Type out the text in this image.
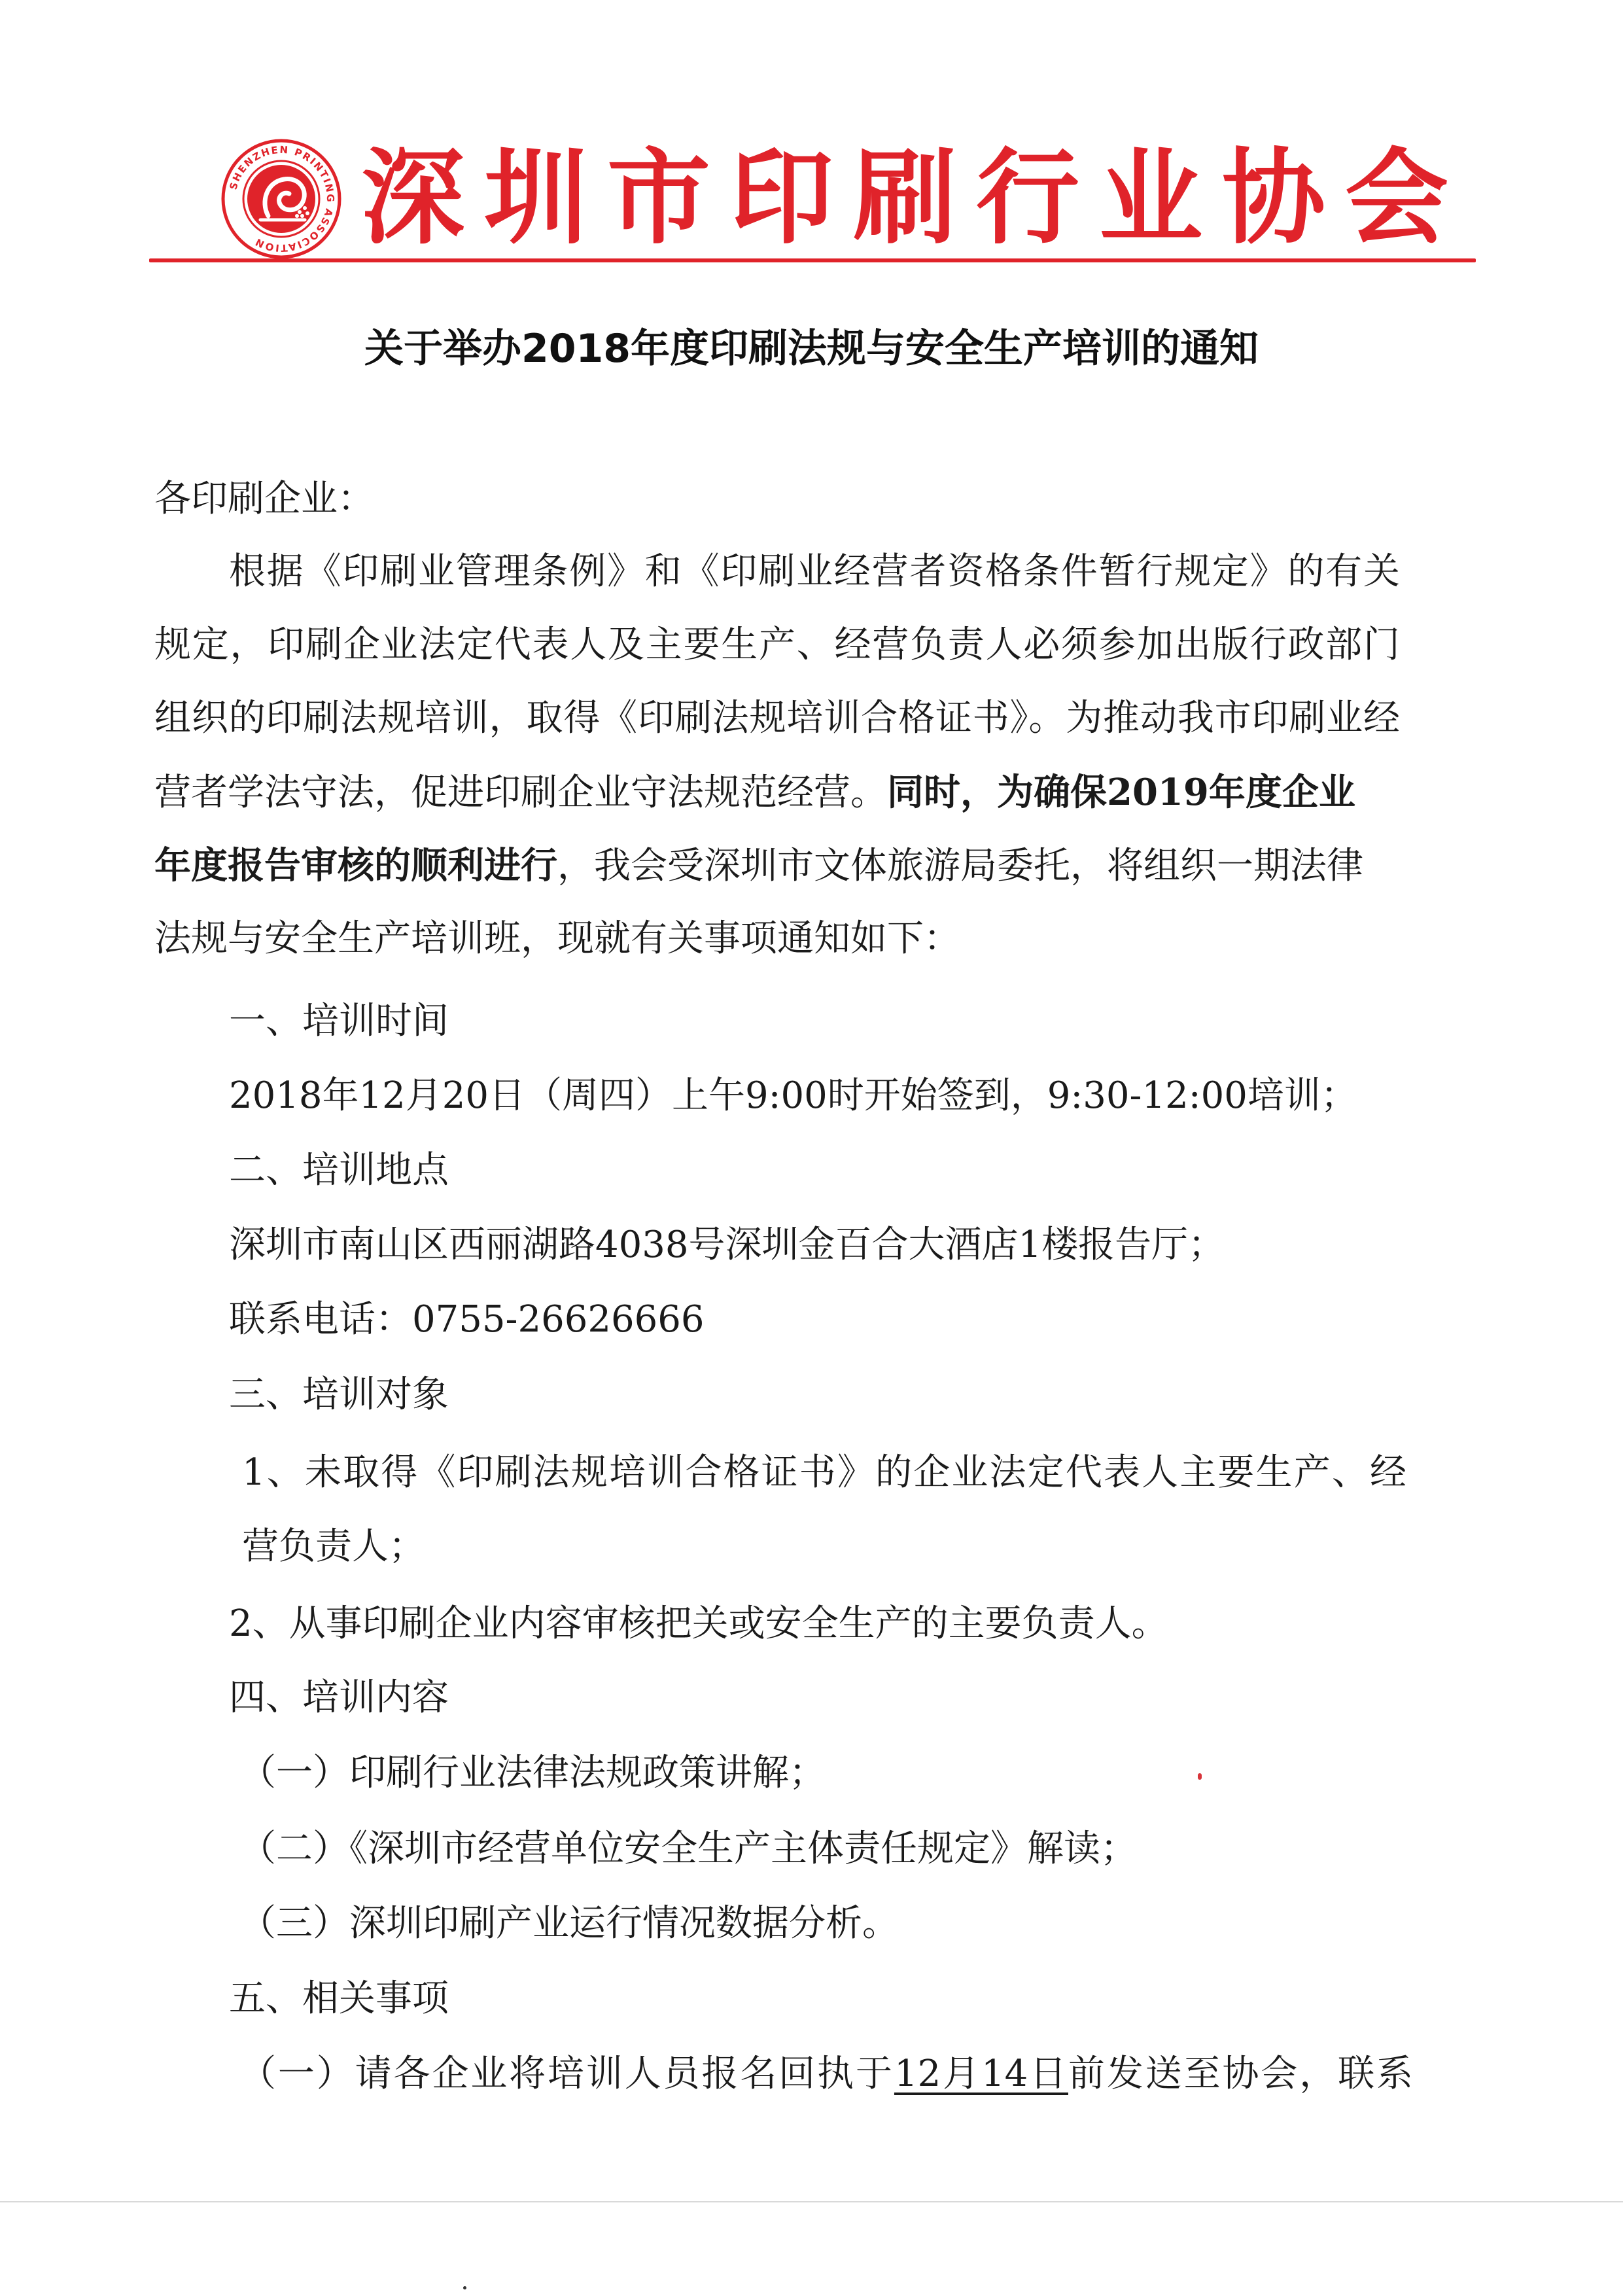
SHENZHEN PRINTING ASSOCIATION 深圳市印刷行业协会
关于举办2018年度印刷法规与安全生产培训的通知
各印刷企业：
根据《印刷业管理条例》和《印刷业经营者资格条件暂行规定》的有关
规定，印刷企业法定代表人及主要生产、经营负责人必须参加出版行政部门
组织的印刷法规培训，取得《印刷法规培训合格证书》。为推动我市印刷业经
营者学法守法，促进印刷企业守法规范经营。同时，为确保2019年度企业
年度报告审核的顺利进行，我会受深圳市文体旅游局委托，将组织一期法律
法规与安全生产培训班，现就有关事项通知如下：
一、培训时间
2018年12月20日（周四）上午9:00时开始签到，9:30-12:00培训；
二、培训地点
深圳市南山区西丽湖路4038号深圳金百合大酒店1楼报告厅；
联系电话：0755-26626666
三、培训对象
1、未取得《印刷法规培训合格证书》的企业法定代表人主要生产、经
营负责人；
2、从事印刷企业内容审核把关或安全生产的主要负责人。
四、培训内容
（一）印刷行业法律法规政策讲解；
（二）《深圳市经营单位安全生产主体责任规定》解读；
（三）深圳印刷产业运行情况数据分析。
五、相关事项
（一）请各企业将培训人员报名回执于12月14日前发送至协会，联系
